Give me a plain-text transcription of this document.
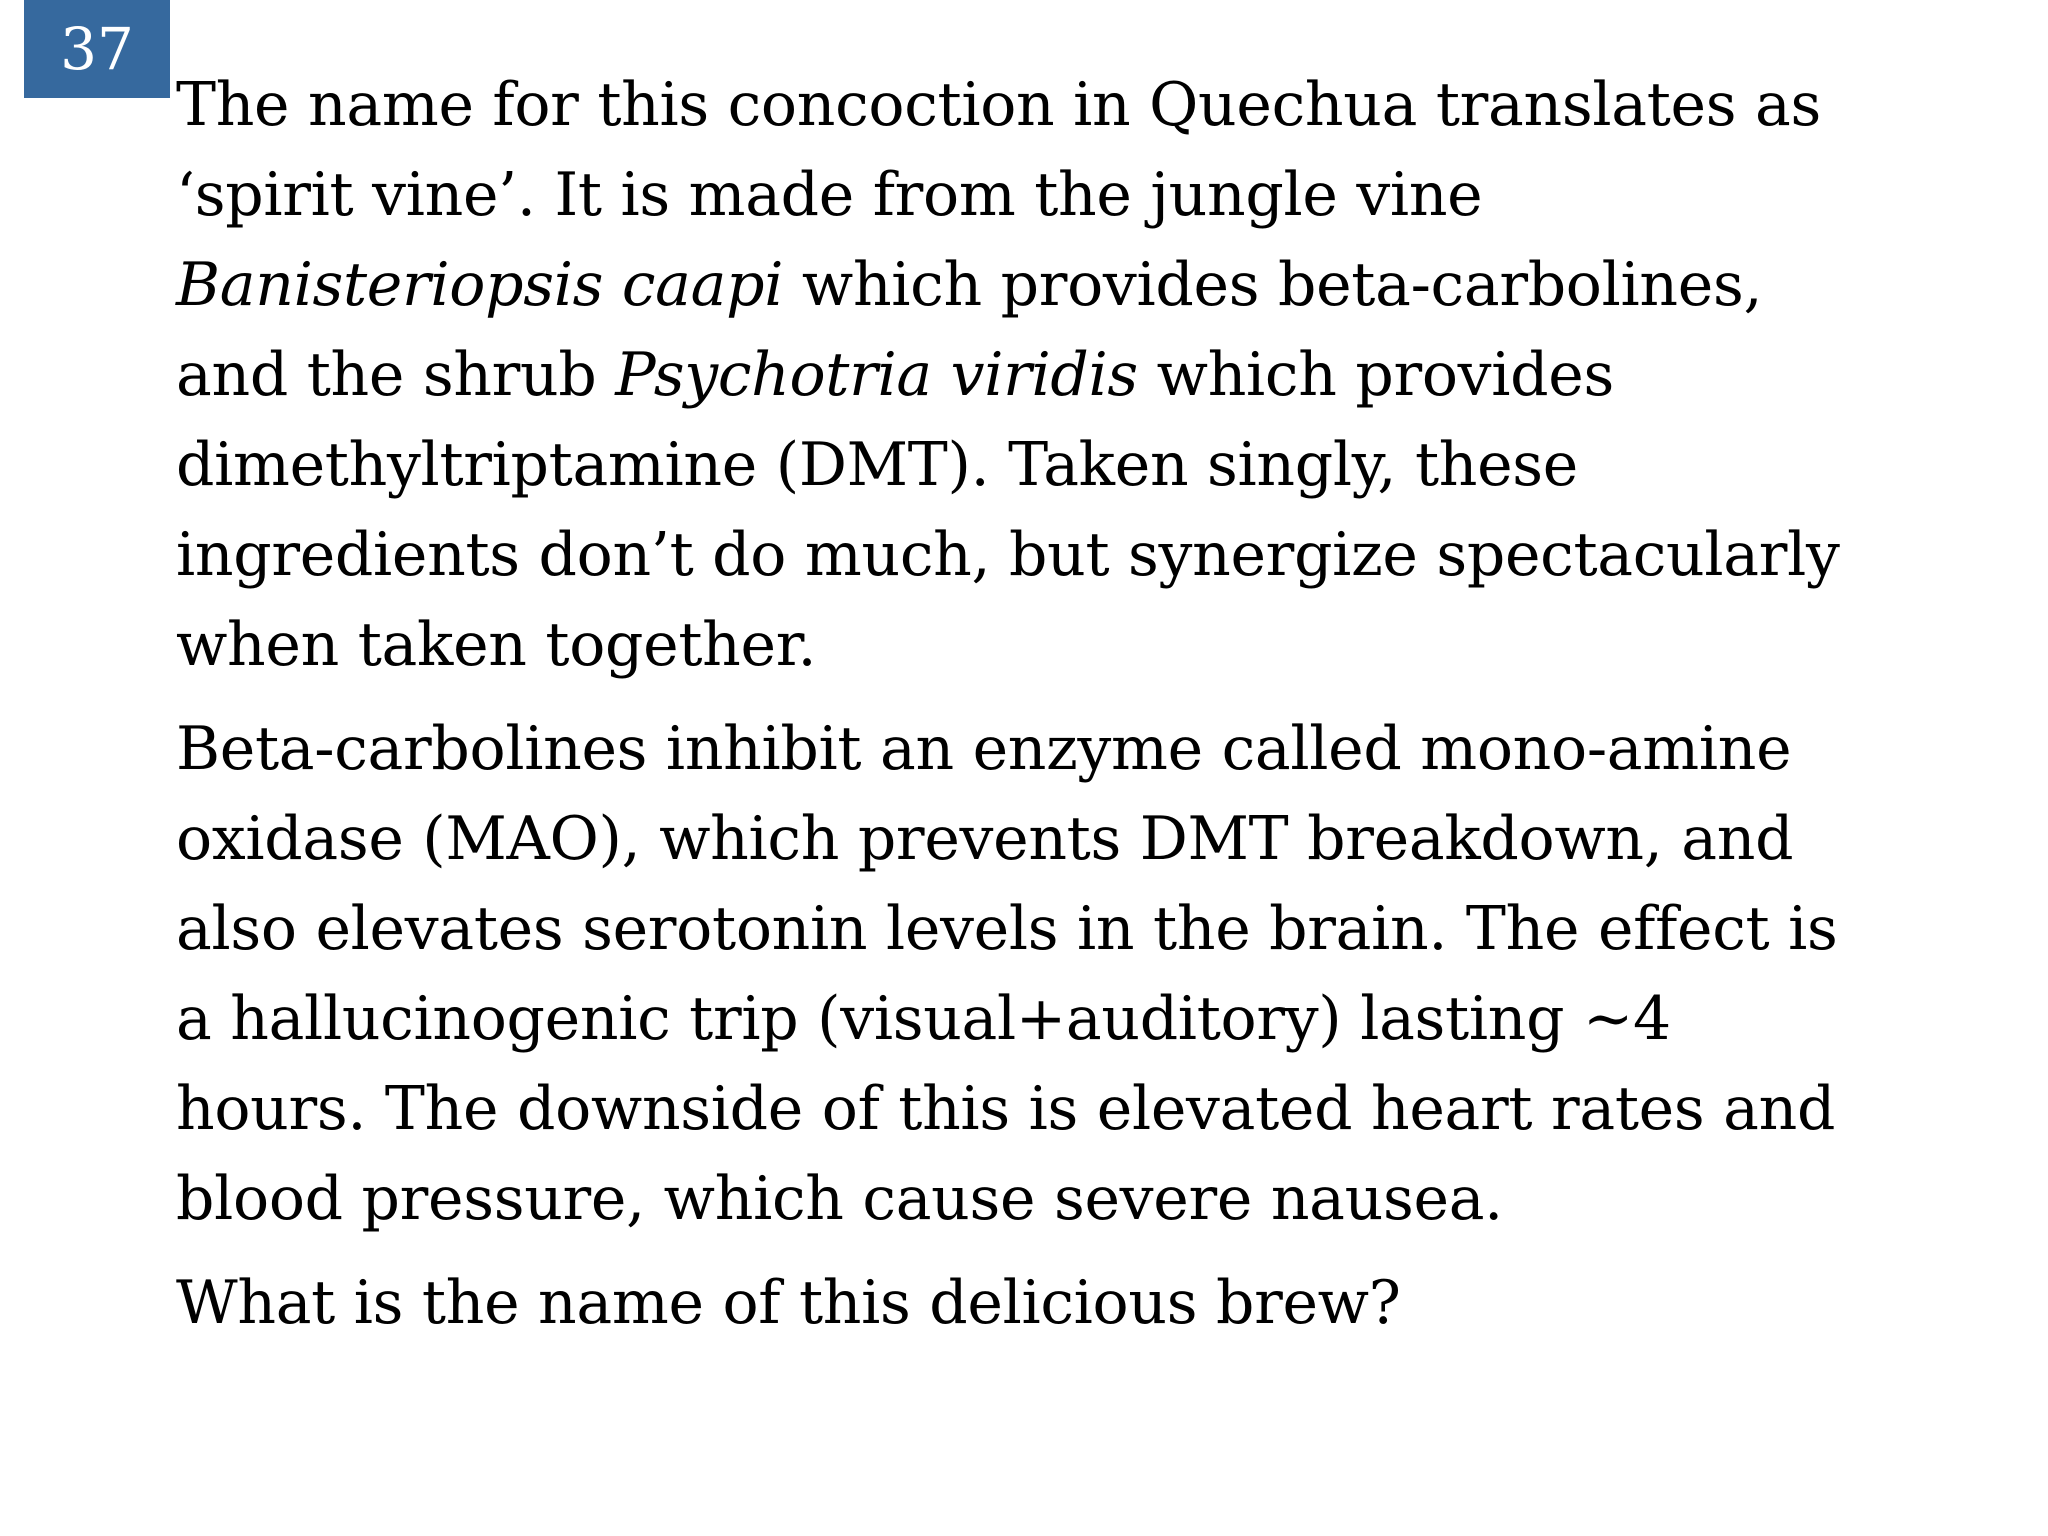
37

The name for this concoction in Quechua translates as
‘spirit vine’. It is made from the jungle vine
Banisteriopsis caapi which provides beta-carbolines,
and the shrub Psychotria viridis which provides
dimethyltriptamine (DMT). Taken singly, these
ingredients don’t do much, but synergize spectacularly
when taken together.

Beta-carbolines inhibit an enzyme called mono-amine
oxidase (MAO), which prevents DMT breakdown, and
also elevates serotonin levels in the brain. The effect is
a hallucinogenic trip (visual+auditory) lasting ~4
hours. The downside of this is elevated heart rates and
blood pressure, which cause severe nausea.

What is the name of this delicious brew?
